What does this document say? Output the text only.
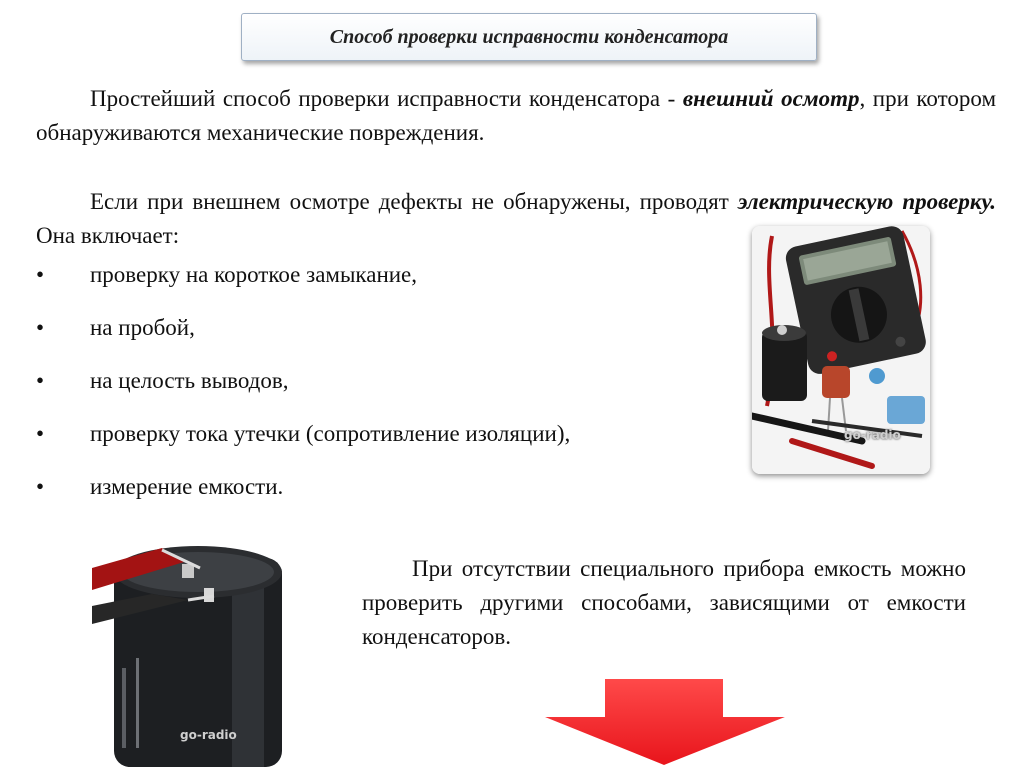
Способ проверки исправности конденсатора
Простейший способ проверки исправности конденсатора - внешний осмотр, при котором обнаруживаются механические повреждения.
Если при внешнем осмотре дефекты не обнаружены, проводят электрическую проверку. Она включает:
• проверку на короткое замыкание,
• на пробой,
• на целость выводов,
• проверку тока утечки (сопротивление изоляции),
• измерение емкости.
go-radio
go-radio
При отсутствии специального прибора емкость можно проверить другими способами, зависящими от емкости конденсаторов.
